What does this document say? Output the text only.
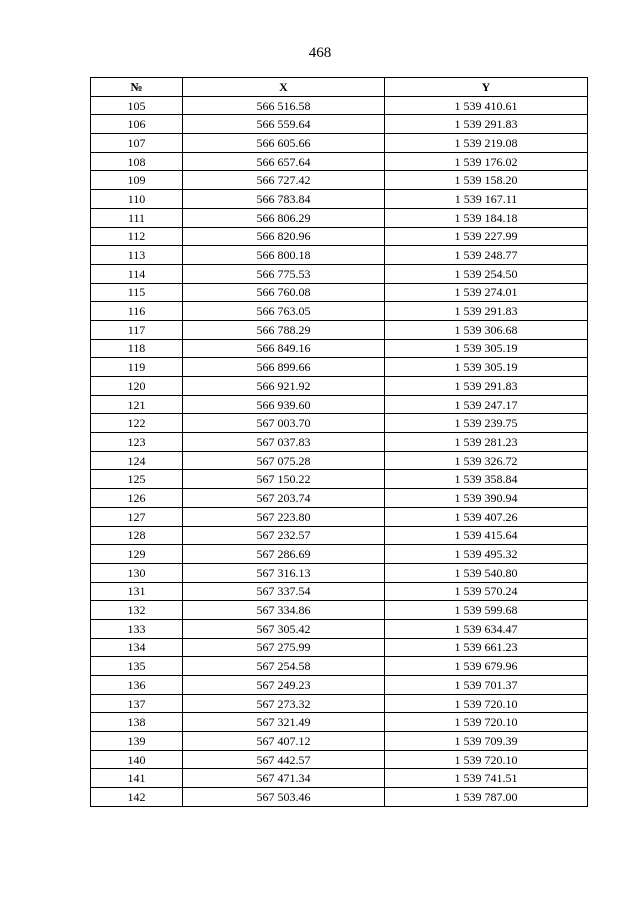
468
№	X	Y
105	566 516.58	1 539 410.61
106	566 559.64	1 539 291.83
107	566 605.66	1 539 219.08
108	566 657.64	1 539 176.02
109	566 727.42	1 539 158.20
110	566 783.84	1 539 167.11
111	566 806.29	1 539 184.18
112	566 820.96	1 539 227.99
113	566 800.18	1 539 248.77
114	566 775.53	1 539 254.50
115	566 760.08	1 539 274.01
116	566 763.05	1 539 291.83
117	566 788.29	1 539 306.68
118	566 849.16	1 539 305.19
119	566 899.66	1 539 305.19
120	566 921.92	1 539 291.83
121	566 939.60	1 539 247.17
122	567 003.70	1 539 239.75
123	567 037.83	1 539 281.23
124	567 075.28	1 539 326.72
125	567 150.22	1 539 358.84
126	567 203.74	1 539 390.94
127	567 223.80	1 539 407.26
128	567 232.57	1 539 415.64
129	567 286.69	1 539 495.32
130	567 316.13	1 539 540.80
131	567 337.54	1 539 570.24
132	567 334.86	1 539 599.68
133	567 305.42	1 539 634.47
134	567 275.99	1 539 661.23
135	567 254.58	1 539 679.96
136	567 249.23	1 539 701.37
137	567 273.32	1 539 720.10
138	567 321.49	1 539 720.10
139	567 407.12	1 539 709.39
140	567 442.57	1 539 720.10
141	567 471.34	1 539 741.51
142	567 503.46	1 539 787.00
